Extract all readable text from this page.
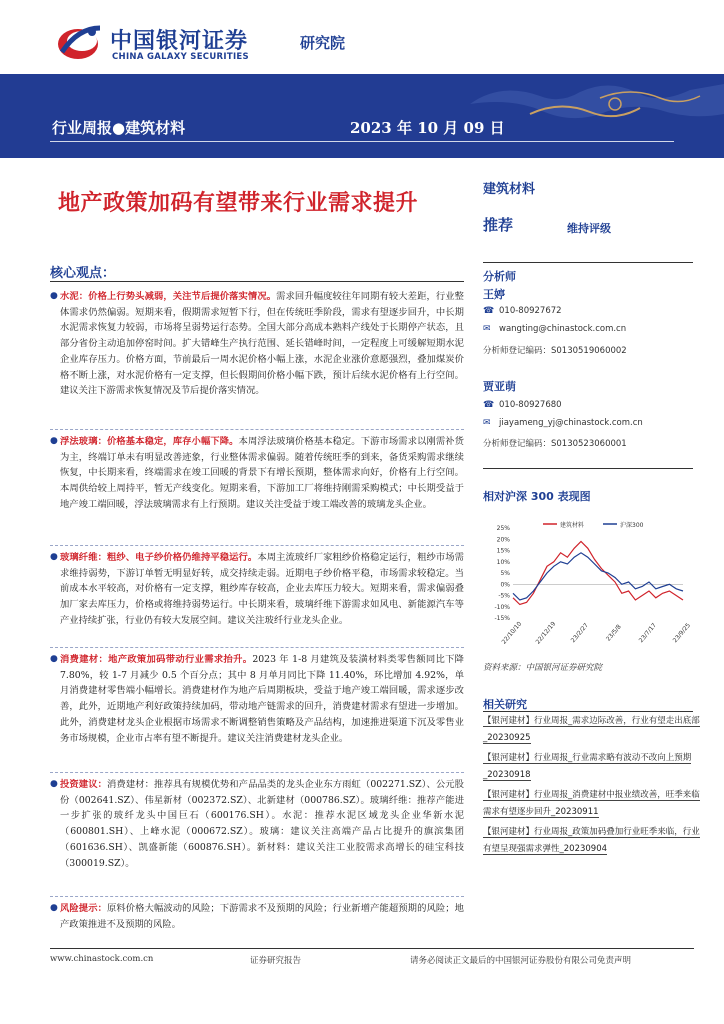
中国银河证券
CHINA GALAXY SECURITIES
研究院
行业周报●建筑材料	2023 年 10 月 09 日
地产政策加码有望带来行业需求提升
建筑材料
推荐	维持评级
分析师
王婷
☎ 010-80927672
✉ wangting@chinastock.com.cn
分析师登记编码：S0130519060002
贾亚萌
☎ 010-80927680
✉ jiayameng_yj@chinastock.com.cn
分析师登记编码：S0130523060001
相对沪深 300 表现图
建筑材料	沪深300
25%
20%
15%
10%
5%
0%
-5%
-10%
-15%
22/10/10 22/12/19 23/2/27 23/5/8 23/7/17 23/9/25
资料来源：中国银河证券研究院
相关研究
【银河建材】行业周报_需求边际改善，行业有望走出底部_20230925
【银河建材】行业周报_行业需求略有波动不改向上预期_20230918
【银河建材】行业周报_消费建材中报业绩改善，旺季来临需求有望逐步回升_20230911
【银河建材】行业周报_政策加码叠加行业旺季来临，行业有望呈现强需求弹性_20230904
核心观点：
● 水泥：价格上行势头减弱，关注节后提价落实情况。需求回升幅度较往年同期有较大差距，行业整体需求仍然偏弱。短期来看，假期需求短暂下行，但在传统旺季阶段，需求有望逐步回升，中长期水泥需求恢复力较弱，市场将呈弱势运行态势。全国大部分高成本熟料产线处于长期停产状态，且部分省份主动追加停窑时间。扩大错峰生产执行范围、延长错峰时间，一定程度上可缓解短期水泥企业库存压力。价格方面，节前最后一周水泥价格小幅上涨，水泥企业涨价意愿强烈，叠加煤炭价格不断上涨，对水泥价格有一定支撑，但长假期间价格小幅下跌，预计后续水泥价格有上行空间。建议关注下游需求恢复情况及节后提价落实情况。
● 浮法玻璃：价格基本稳定，库存小幅下降。本周浮法玻璃价格基本稳定。下游市场需求以刚需补货为主，终端订单未有明显改善迹象，行业整体需求偏弱。随着传统旺季的到来，备货采购需求继续恢复，中长期来看，终端需求在竣工回暖的背景下有增长预期，整体需求向好，价格有上行空间。本周供给较上周持平，暂无产线变化。短期来看，下游加工厂将维持刚需采购模式；中长期受益于地产竣工端回暖，浮法玻璃需求有上行预期。建议关注受益于竣工端改善的玻璃龙头企业。
● 玻璃纤维：粗纱、电子纱价格仍维持平稳运行。本周主流玻纤厂家粗纱价格稳定运行，粗纱市场需求维持弱势，下游订单暂无明显好转，成交持续走弱。近期电子纱价格平稳，市场需求较稳定。当前成本水平较高，对价格有一定支撑，粗纱库存较高，企业去库压力较大。短期来看，需求偏弱叠加厂家去库压力，价格或将维持弱势运行。中长期来看，玻璃纤维下游需求如风电、新能源汽车等产业持续扩张，行业仍有较大发展空间。建议关注玻纤行业龙头企业。
● 消费建材：地产政策加码带动行业需求抬升。2023 年 1-8 月建筑及装潢材料类零售额同比下降 7.80%，较 1-7 月减少 0.5 个百分点；其中 8 月单月同比下降 11.40%，环比增加 4.92%，单月消费建材零售端小幅增长。消费建材作为地产后周期板块，受益于地产竣工端回暖，需求逐步改善，此外，近期地产利好政策持续加码，带动地产链需求的回升，消费建材需求有望进一步增加。此外，消费建材龙头企业根据市场需求不断调整销售策略及产品结构，加速推进渠道下沉及零售业务市场规模，企业市占率有望不断提升。建议关注消费建材龙头企业。
● 投资建议：消费建材：推荐具有规模优势和产品品类的龙头企业东方雨虹（002271.SZ）、公元股份（002641.SZ）、伟星新材（002372.SZ）、北新建材（000786.SZ）。玻璃纤维：推荐产能进一步扩张的玻纤龙头中国巨石（600176.SH）。水泥：推荐水泥区域龙头企业华新水泥（600801.SH）、上峰水泥（000672.SZ）。玻璃：建议关注高端产品占比提升的旗滨集团（601636.SH）、凯盛新能（600876.SH）。新材料：建议关注工业胶需求高增长的硅宝科技（300019.SZ）。
● 风险提示：原料价格大幅波动的风险；下游需求不及预期的风险；行业新增产能超预期的风险；地产政策推进不及预期的风险。
www.chinastock.com.cn	证券研究报告	请务必阅读正文最后的中国银河证券股份有限公司免责声明
